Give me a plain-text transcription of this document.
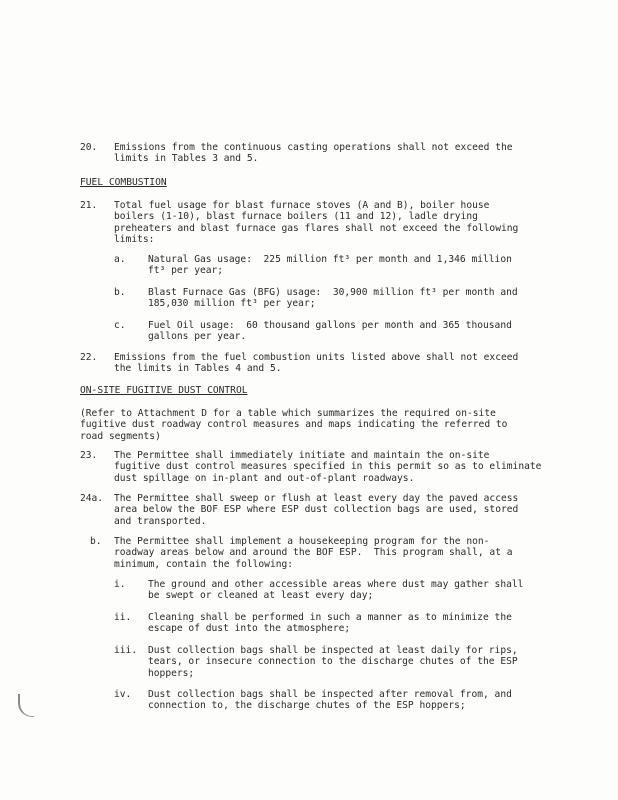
20. Emissions from the continuous casting operations shall not exceed the
limits in Tables 3 and 5.
FUEL COMBUSTION
21. Total fuel usage for blast furnace stoves (A and B), boiler house
boilers (1-10), blast furnace boilers (11 and 12), ladle drying
preheaters and blast furnace gas flares shall not exceed the following
limits:
a. Natural Gas usage:  225 million ft³ per month and 1,346 million
ft³ per year;
b. Blast Furnace Gas (BFG) usage:  30,900 million ft³ per month and
185,030 million ft³ per year;
c. Fuel Oil usage:  60 thousand gallons per month and 365 thousand
gallons per year.
22. Emissions from the fuel combustion units listed above shall not exceed
the limits in Tables 4 and 5.
ON-SITE FUGITIVE DUST CONTROL
(Refer to Attachment D for a table which summarizes the required on-site
fugitive dust roadway control measures and maps indicating the referred to
road segments)
23. The Permittee shall immediately initiate and maintain the on-site
fugitive dust control measures specified in this permit so as to eliminate
dust spillage on in-plant and out-of-plant roadways.
24a. The Permittee shall sweep or flush at least every day the paved access
area below the BOF ESP where ESP dust collection bags are used, stored
and transported.
b. The Permittee shall implement a housekeeping program for the non-
roadway areas below and around the BOF ESP.  This program shall, at a
minimum, contain the following:
i. The ground and other accessible areas where dust may gather shall
be swept or cleaned at least every day;
ii. Cleaning shall be performed in such a manner as to minimize the
escape of dust into the atmosphere;
iii. Dust collection bags shall be inspected at least daily for rips,
tears, or insecure connection to the discharge chutes of the ESP
hoppers;
iv. Dust collection bags shall be inspected after removal from, and
connection to, the discharge chutes of the ESP hoppers;
